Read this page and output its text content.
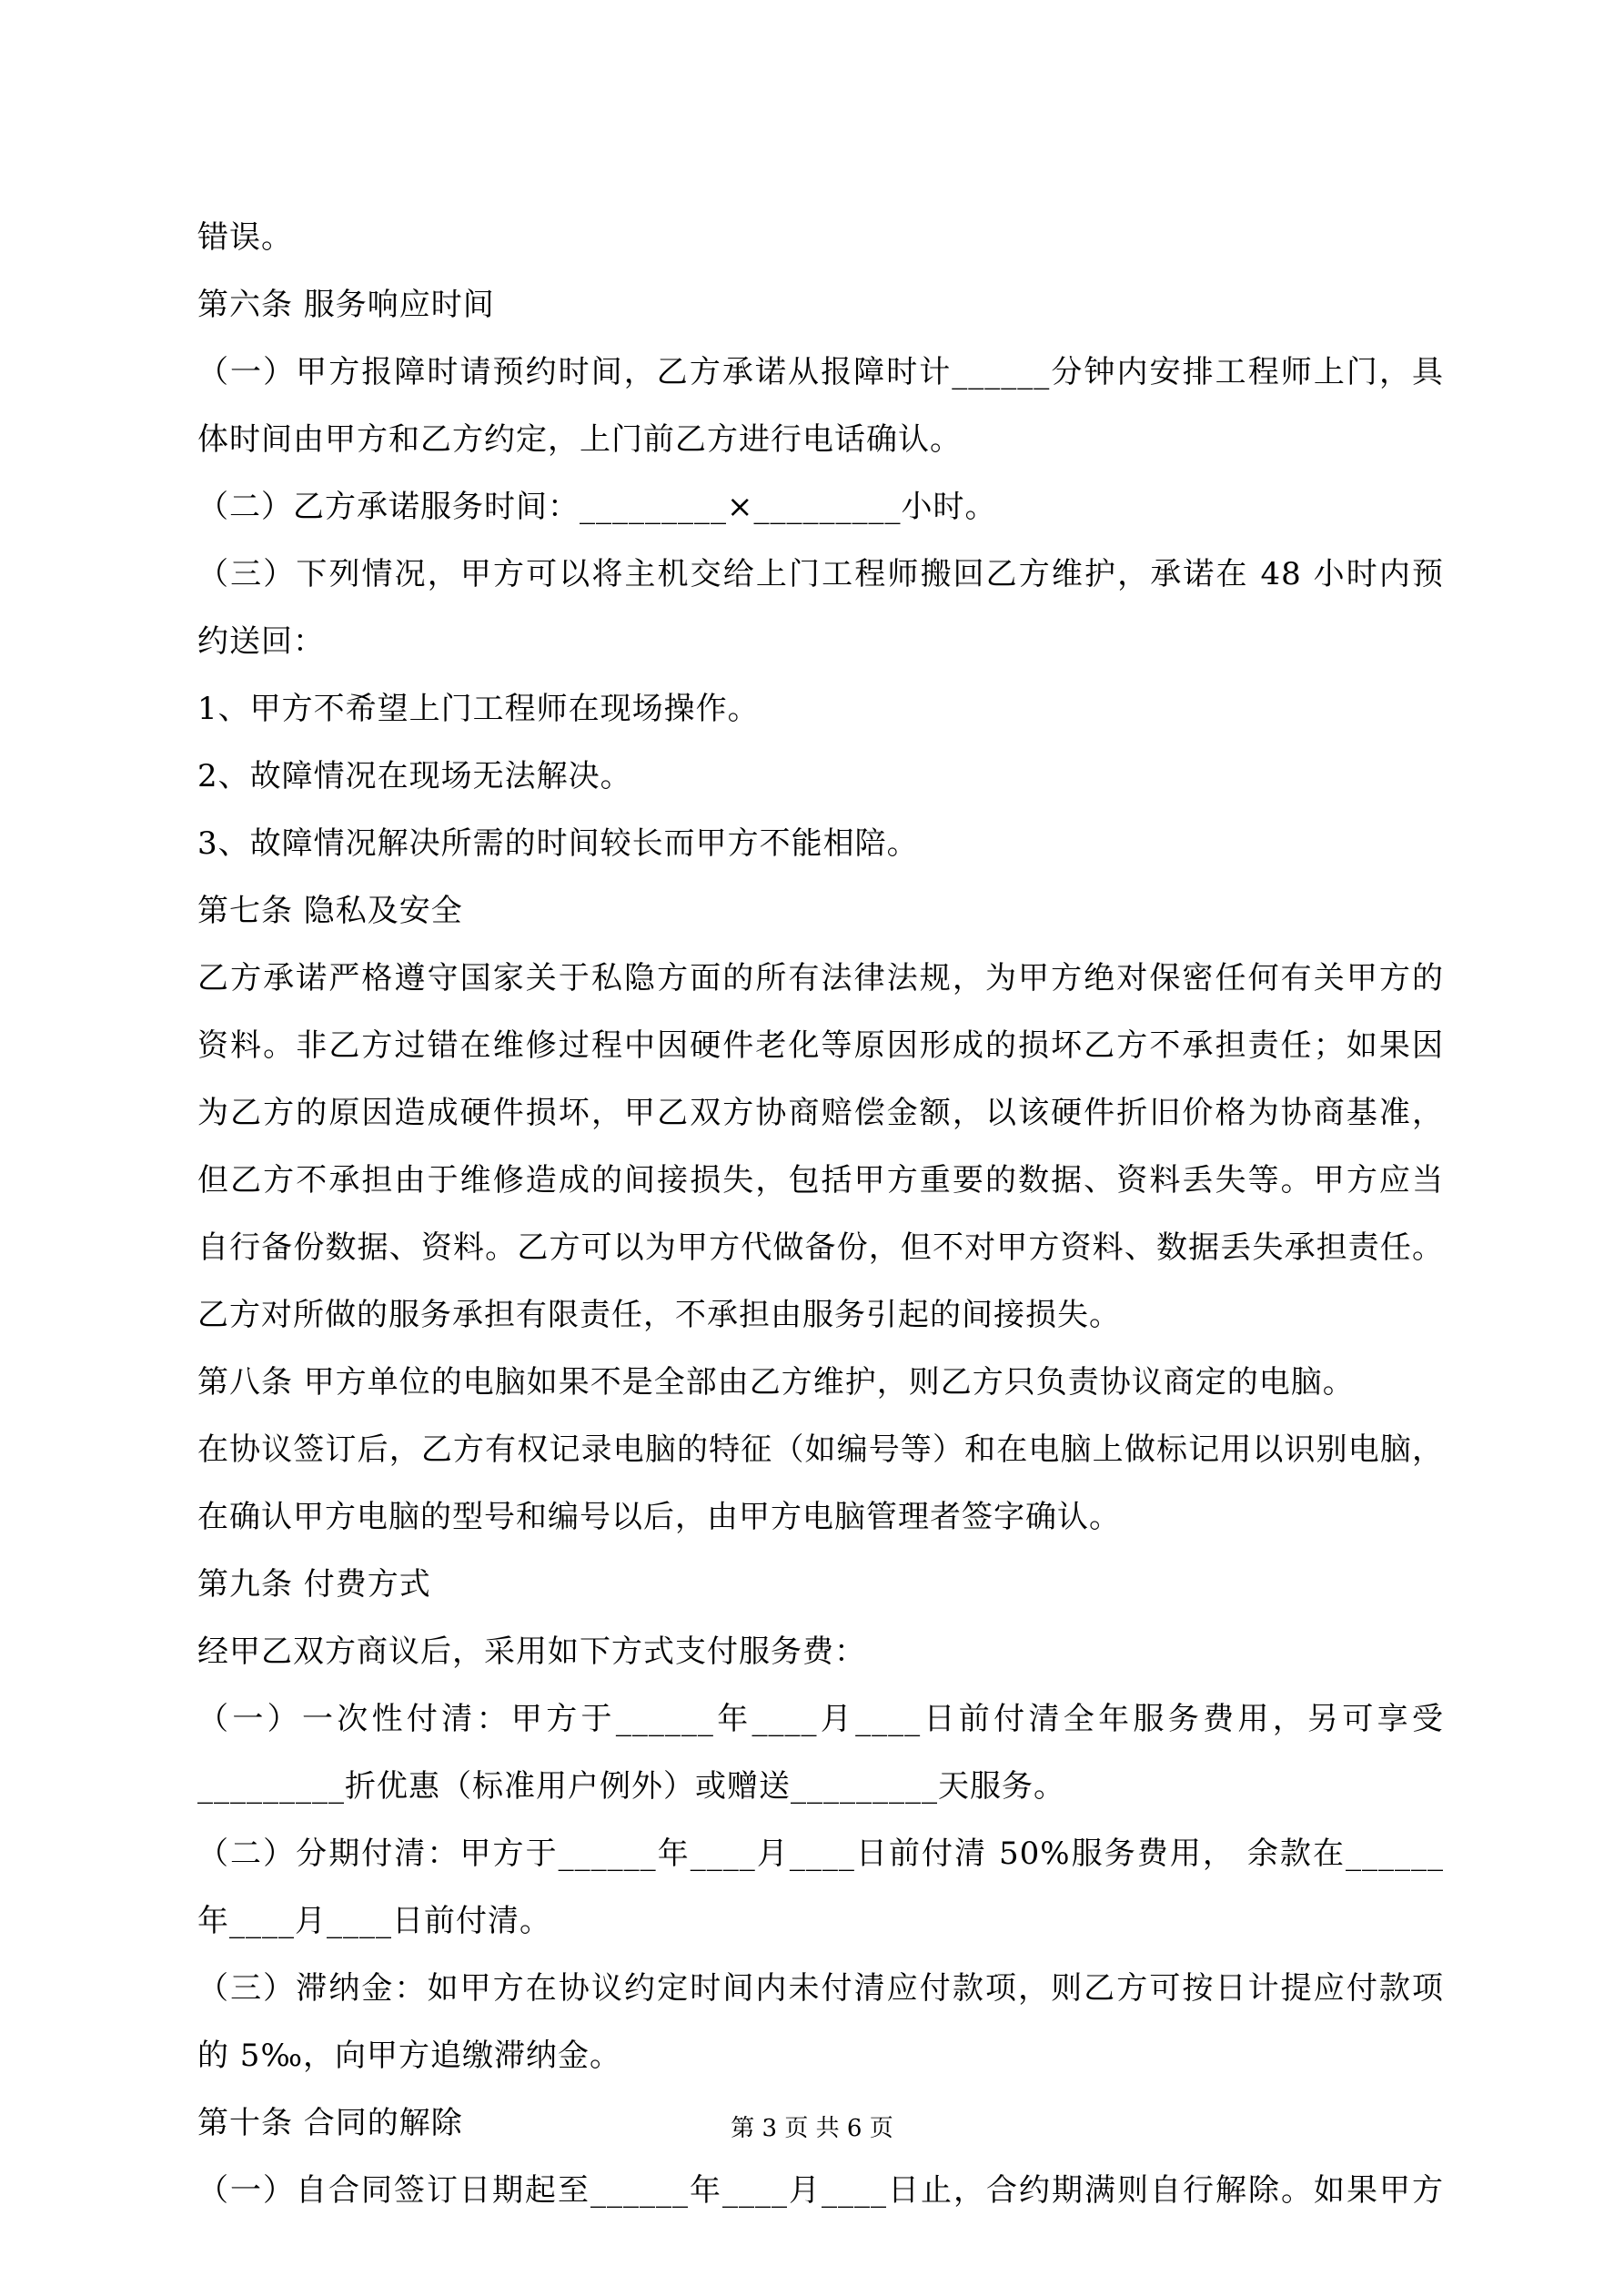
错误。
第六条 服务响应时间
（一）甲方报障时请预约时间，乙方承诺从报障时计______分钟内安排工程师上门，具
体时间由甲方和乙方约定，上门前乙方进行电话确认。
（二）乙方承诺服务时间：_________×_________小时。
（三）下列情况，甲方可以将主机交给上门工程师搬回乙方维护，承诺在 48 小时内预
约送回：
1、甲方不希望上门工程师在现场操作。
2、故障情况在现场无法解决。
3、故障情况解决所需的时间较长而甲方不能相陪。
第七条 隐私及安全
乙方承诺严格遵守国家关于私隐方面的所有法律法规，为甲方绝对保密任何有关甲方的
资料。非乙方过错在维修过程中因硬件老化等原因形成的损坏乙方不承担责任；如果因
为乙方的原因造成硬件损坏，甲乙双方协商赔偿金额，以该硬件折旧价格为协商基准，
但乙方不承担由于维修造成的间接损失，包括甲方重要的数据、资料丢失等。甲方应当
自行备份数据、资料。乙方可以为甲方代做备份，但不对甲方资料、数据丢失承担责任。
乙方对所做的服务承担有限责任，不承担由服务引起的间接损失。
第八条 甲方单位的电脑如果不是全部由乙方维护，则乙方只负责协议商定的电脑。
在协议签订后，乙方有权记录电脑的特征（如编号等）和在电脑上做标记用以识别电脑，
在确认甲方电脑的型号和编号以后，由甲方电脑管理者签字确认。
第九条 付费方式
经甲乙双方商议后，采用如下方式支付服务费：
（一）一次性付清：甲方于______年____月____日前付清全年服务费用，另可享受
_________折优惠（标准用户例外）或赠送_________天服务。
（二）分期付清：甲方于______年____月____日前付清 50%服务费用， 余款在______
年____月____日前付清。
（三）滞纳金：如甲方在协议约定时间内未付清应付款项，则乙方可按日计提应付款项
的 5‰，向甲方追缴滞纳金。
第十条 合同的解除
（一）自合同签订日期起至______年____月____日止，合约期满则自行解除。如果甲方
第 3 页 共 6 页
